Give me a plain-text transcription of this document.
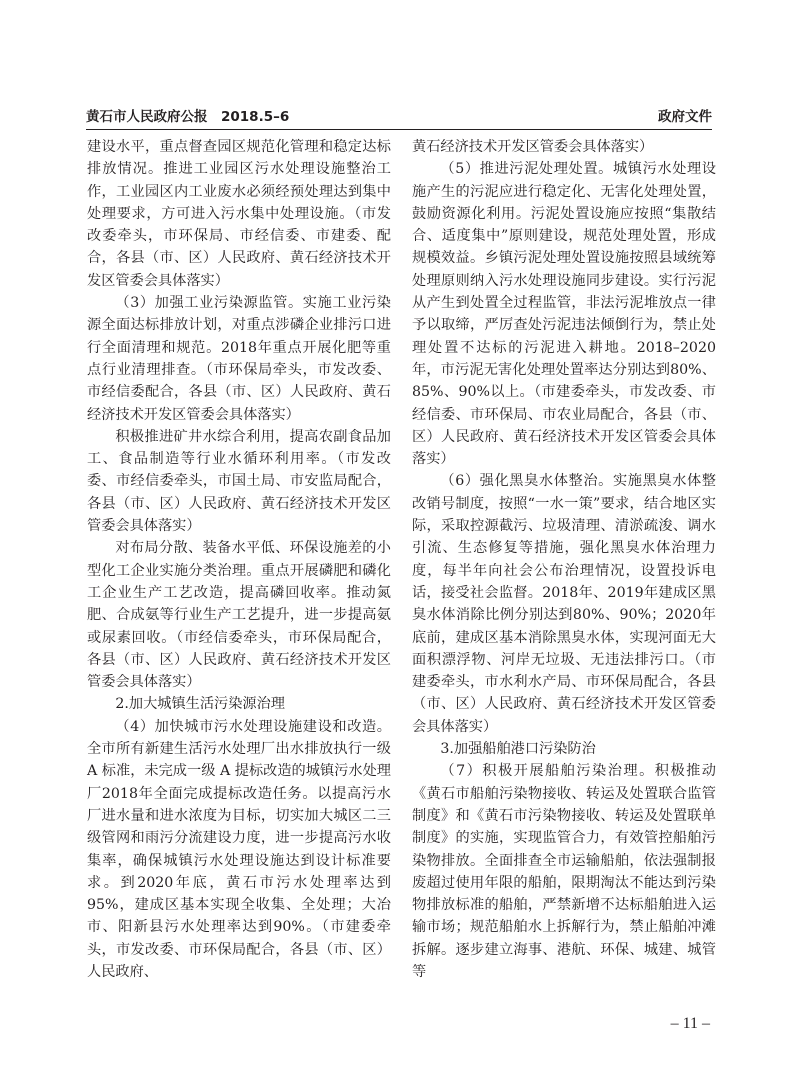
黄石市人民政府公报　2018.5–6	政府文件

建设水平，重点督查园区规范化管理和稳定达标排放情况。推进工业园区污水处理设施整治工作，工业园区内工业废水必须经预处理达到集中处理要求，方可进入污水集中处理设施。（市发改委牵头，市环保局、市经信委、市建委、配合，各县（市、区）人民政府、黄石经济技术开发区管委会具体落实）

（3）加强工业污染源监管。实施工业污染源全面达标排放计划，对重点涉磷企业排污口进行全面清理和规范。2018年重点开展化肥等重点行业清理排查。（市环保局牵头，市发改委、市经信委配合，各县（市、区）人民政府、黄石经济技术开发区管委会具体落实）

积极推进矿井水综合利用，提高农副食品加工、食品制造等行业水循环利用率。（市发改委、市经信委牵头，市国土局、市安监局配合，各县（市、区）人民政府、黄石经济技术开发区管委会具体落实）

对布局分散、装备水平低、环保设施差的小型化工企业实施分类治理。重点开展磷肥和磷化工企业生产工艺改造，提高磷回收率。推动氮肥、合成氨等行业生产工艺提升，进一步提高氨或尿素回收。（市经信委牵头，市环保局配合，各县（市、区）人民政府、黄石经济技术开发区管委会具体落实）

2.加大城镇生活污染源治理

（4）加快城市污水处理设施建设和改造。全市所有新建生活污水处理厂出水排放执行一级 A 标准，未完成一级 A 提标改造的城镇污水处理厂2018年全面完成提标改造任务。以提高污水厂进水量和进水浓度为目标，切实加大城区二三级管网和雨污分流建设力度，进一步提高污水收集率，确保城镇污水处理设施达到设计标准要求。到2020年底，黄石市污水处理率达到95%，建成区基本实现全收集、全处理；大冶市、阳新县污水处理率达到90%。（市建委牵头，市发改委、市环保局配合，各县（市、区）人民政府、

黄石经济技术开发区管委会具体落实）

（5）推进污泥处理处置。城镇污水处理设施产生的污泥应进行稳定化、无害化处理处置，鼓励资源化利用。污泥处置设施应按照“集散结合、适度集中”原则建设，规范处理处置，形成规模效益。乡镇污泥处理处置设施按照县域统筹处理原则纳入污水处理设施同步建设。实行污泥从产生到处置全过程监管，非法污泥堆放点一律予以取缔，严厉查处污泥违法倾倒行为，禁止处理处置不达标的污泥进入耕地。2018–2020年，市污泥无害化处理处置率达分别达到80%、85%、90%以上。（市建委牵头，市发改委、市经信委、市环保局、市农业局配合，各县（市、区）人民政府、黄石经济技术开发区管委会具体落实）

（6）强化黑臭水体整治。实施黑臭水体整改销号制度，按照“一水一策”要求，结合地区实际，采取控源截污、垃圾清理、清淤疏浚、调水引流、生态修复等措施，强化黑臭水体治理力度，每半年向社会公布治理情况，设置投诉电话，接受社会监督。2018年、2019年建成区黑臭水体消除比例分别达到80%、90%；2020年底前，建成区基本消除黑臭水体，实现河面无大面积漂浮物、河岸无垃圾、无违法排污口。（市建委牵头，市水利水产局、市环保局配合，各县（市、区）人民政府、黄石经济技术开发区管委会具体落实）

3.加强船舶港口污染防治

（7）积极开展船舶污染治理。积极推动《黄石市船舶污染物接收、转运及处置联合监管制度》和《黄石市污染物接收、转运及处置联单制度》的实施，实现监管合力，有效管控船舶污染物排放。全面排查全市运输船舶，依法强制报废超过使用年限的船舶，限期淘汰不能达到污染物排放标准的船舶，严禁新增不达标船舶进入运输市场；规范船舶水上拆解行为，禁止船舶冲滩拆解。逐步建立海事、港航、环保、城建、城管等

– 11 –
